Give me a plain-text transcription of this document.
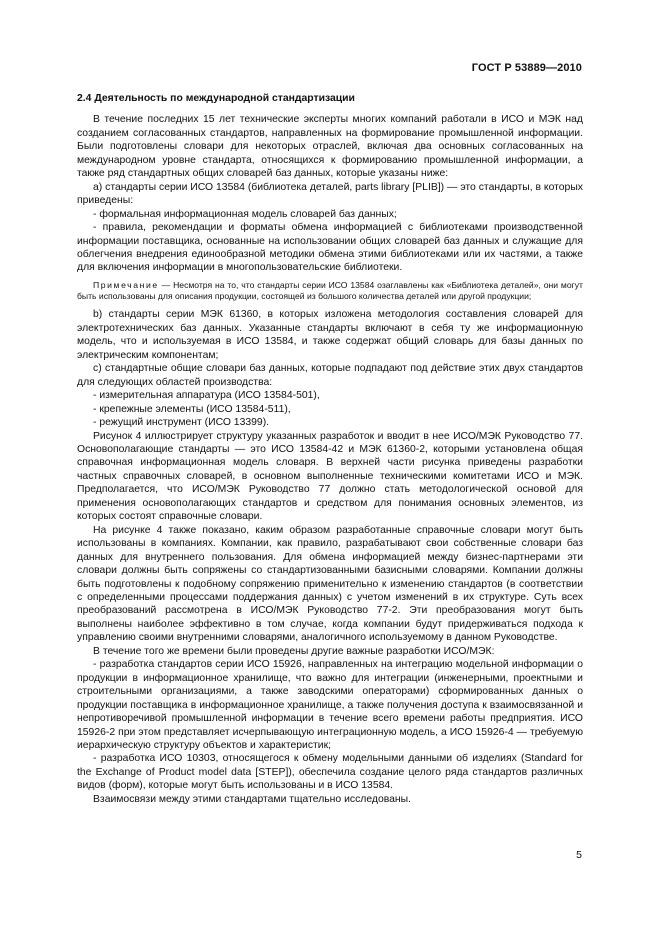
ГОСТ Р 53889—2010

2.4 Деятельность по международной стандартизации

В течение последних 15 лет технические эксперты многих компаний работали в ИСО и МЭК над созданием согласованных стандартов, направленных на формирование промышленной информации. Были подготовлены словари для некоторых отраслей, включая два основных согласованных на международном уровне стандарта, относящихся к формированию промышленной информации, а также ряд стандартных общих словарей баз данных, которые указаны ниже:

а) стандарты серии ИСО 13584 (библиотека деталей, parts library [PLIB]) — это стандарты, в которых приведены:

- формальная информационная модель словарей баз данных;

- правила, рекомендации и форматы обмена информацией с библиотеками производственной информации поставщика, основанные на использовании общих словарей баз данных и служащие для облегчения внедрения единообразной методики обмена этими библиотеками или их частями, а также для включения информации в многопользовательские библиотеки.

Примечание — Несмотря на то, что стандарты серии ИСО 13584 озаглавлены как «Библиотека деталей», они могут быть использованы для описания продукции, состоящей из большого количества деталей или другой продукции;

b) стандарты серии МЭК 61360, в которых изложена методология составления словарей для электротехнических баз данных. Указанные стандарты включают в себя ту же информационную модель, что и используемая в ИСО 13584, и также содержат общий словарь для базы данных по электрическим компонентам;

с) стандартные общие словари баз данных, которые подпадают под действие этих двух стандартов для следующих областей производства:

- измерительная аппаратура (ИСО 13584-501),

- крепежные элементы (ИСО 13584-511),

- режущий инструмент (ИСО 13399).

Рисунок 4 иллюстрирует структуру указанных разработок и вводит в нее ИСО/МЭК Руководство 77. Основополагающие стандарты — это ИСО 13584-42 и МЭК 61360-2, которыми установлена общая справочная информационная модель словаря. В верхней части рисунка приведены разработки частных справочных словарей, в основном выполненные техническими комитетами ИСО и МЭК. Предполагается, что ИСО/МЭК Руководство 77 должно стать методологической основой для применения основополагающих стандартов и средством для понимания основных элементов, из которых состоят справочные словари.

На рисунке 4 также показано, каким образом разработанные справочные словари могут быть использованы в компаниях. Компании, как правило, разрабатывают свои собственные словари баз данных для внутреннего пользования. Для обмена информацией между бизнес-партнерами эти словари должны быть сопряжены со стандартизованными базисными словарями. Компании должны быть подготовлены к подобному сопряжению применительно к изменению стандартов (в соответствии с определенными процессами поддержания данных) с учетом изменений в их структуре. Суть всех преобразований рассмотрена в ИСО/МЭК Руководство 77-2. Эти преобразования могут быть выполнены наиболее эффективно в том случае, когда компании будут придерживаться подхода к управлению своими внутренними словарями, аналогичного используемому в данном Руководстве.

В течение того же времени были проведены другие важные разработки ИСО/МЭК:

- разработка стандартов серии ИСО 15926, направленных на интеграцию модельной информации о продукции в информационное хранилище, что важно для интеграции (инженерными, проектными и строительными организациями, а также заводскими операторами) сформированных данных о продукции поставщика в информационное хранилище, а также получения доступа к взаимосвязанной и непротиворечивой промышленной информации в течение всего времени работы предприятия. ИСО 15926-2 при этом представляет исчерпывающую интеграционную модель, а ИСО 15926-4 — требуемую иерархическую структуру объектов и характеристик;

- разработка ИСО 10303, относящегося к обмену модельными данными об изделиях (Standard for the Exchange of Product model data [STEP]), обеспечила создание целого ряда стандартов различных видов (форм), которые могут быть использованы и в ИСО 13584.

Взаимосвязи между этими стандартами тщательно исследованы.

5
